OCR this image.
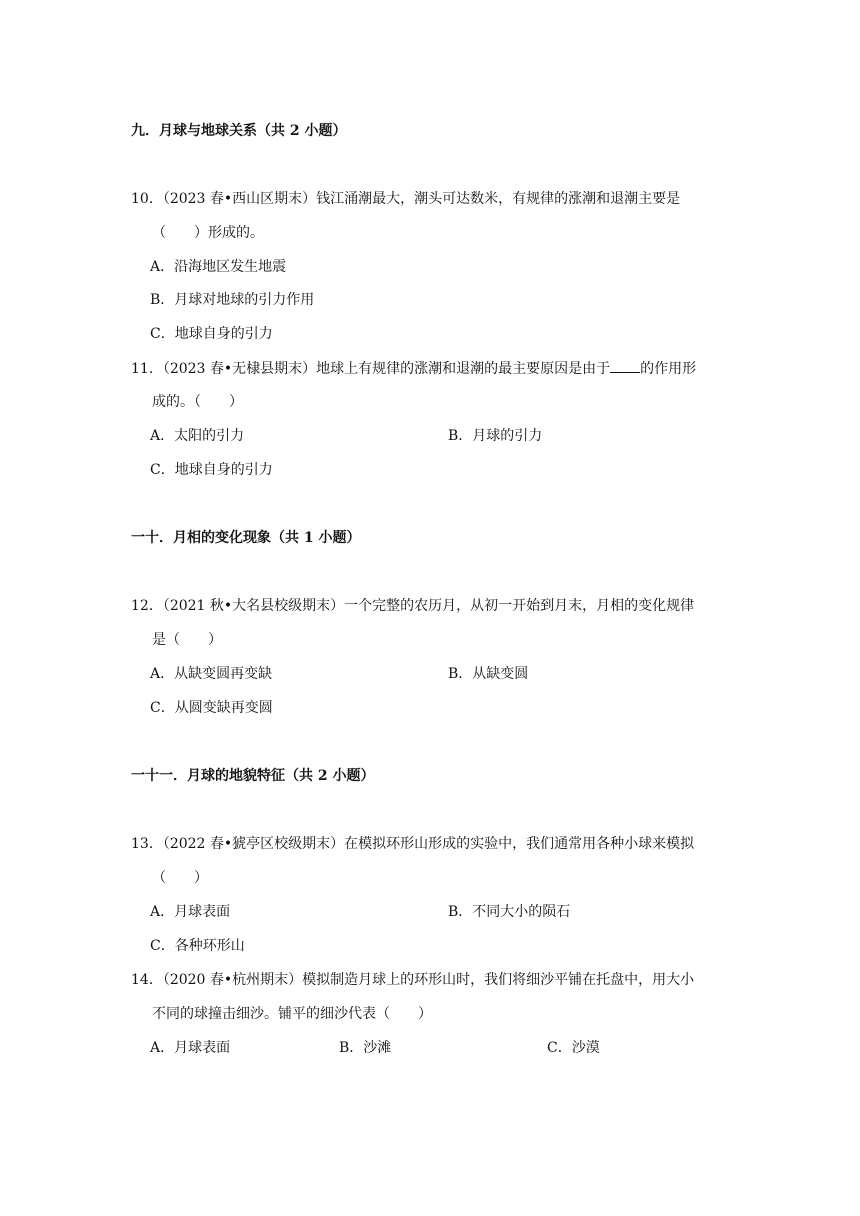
九．月球与地球关系（共 2 小题）
10．（2023 春•西山区期末）钱江涌潮最大，潮头可达数米，有规律的涨潮和退潮主要是
（　　）形成的。
A．沿海地区发生地震
B．月球对地球的引力作用
C．地球自身的引力
11．（2023 春•无棣县期末）地球上有规律的涨潮和退潮的最主要原因是由于 的作用形
成的。（　　）
A．太阳的引力	B．月球的引力
C．地球自身的引力
一十．月相的变化现象（共 1 小题）
12．（2021 秋•大名县校级期末）一个完整的农历月，从初一开始到月末，月相的变化规律
是（　　）
A．从缺变圆再变缺	B．从缺变圆
C．从圆变缺再变圆
一十一．月球的地貌特征（共 2 小题）
13．（2022 春•猇亭区校级期末）在模拟环形山形成的实验中，我们通常用各种小球来模拟
（　　）
A．月球表面	B．不同大小的陨石
C．各种环形山
14．（2020 春•杭州期末）模拟制造月球上的环形山时，我们将细沙平铺在托盘中，用大小
不同的球撞击细沙。铺平的细沙代表（　　）
A．月球表面	B．沙滩	C．沙漠
